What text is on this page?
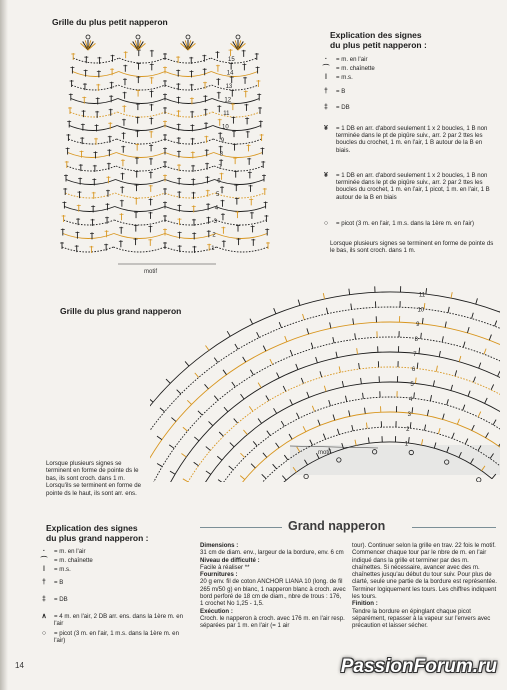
Grille du plus petit napperon
15
14
13
12
11
10
9
8
7
6
5
4
3
2
1
motif
Explication des signes
du plus petit napperon :
·	= m. en l'air
⌒	= m. chaînette
ǀ	= m.s.
†	= B
‡	= DB
¥	= 1 DB en arr. d'abord seulement 1 x 2 boucles, 1 B non terminée dans le pt de piqûre suiv., arr. 2 par 2 ttes les boucles du crochet, 1 m. en l'air, 1 B autour de la B en biais.
¥	= 1 DB en arr. d'abord seulement 1 x 2 boucles, 1 B non terminée dans le pt de piqûre suiv., arr. 2 par 2 ttes les boucles du crochet, 1 m. en l'air, 1 picot, 1 m. en l'air, 1 B autour de la B en biais
○	= picot (3 m. en l'air, 1 m.s. dans la 1ère m. en l'air)
Lorsque plusieurs signes se terminent en forme de pointe ds le bas, ils sont croch. dans 1 m.
Grille du plus grand napperon
11
10
9
8
7
6
5
4
3
2
1
motif
Lorsque plusieurs signes se terminent en forme de pointe ds le bas, ils sont croch. dans 1 m. Lorsqu'ils se terminent en forme de pointe ds le haut, ils sont arr. ens.
Explication des signes
du plus grand napperon :
·	= m. en l'air
⌒	= m. chaînette
ǀ	= m.s.
†	= B
‡	= DB
∧	= 4 m. en l'air, 2 DB arr. ens. dans la 1ère m. en l'air
○	= picot (3 m. en l'air, 1 m.s. dans la 1ère m. en l'air)
Grand napperon

Dimensions :

31 cm de diam. env., largeur de la bordure, env. 6 cm

Niveau de difficulté :

Facile à réaliser **

Fournitures :

20 g env. fil de coton ANCHOR LIANA 10 (long. de fil 265 m/50 g) en blanc, 1 napperon blanc à croch. avec bord perforé de 18 cm de diam., nbre de trous : 176, 1 crochet No 1,25 - 1,5.

Exécution :

Croch. le napperon à croch. avec 176 m. en l'air resp. séparées par 1 m. en l'air (= 1 air

tour). Continuer selon la grille en trav. 22 fois le motif. Commencer chaque tour par le nbre de m. en l'air indiqué dans la grille et terminer par des m. chaînettes. Si nécessaire, avancer avec des m. chaînettes jusqu'au début du tour suiv. Pour plus de clarté, seule une partie de la bordure est représentée. Terminer logiquement les tours. Les chiffres indiquent les tours.

Finition :

Tendre la bordure en épinglant chaque picot séparément, repasser à la vapeur sur l'envers avec précaution et laisser sécher.

14	PassionForum.ru
